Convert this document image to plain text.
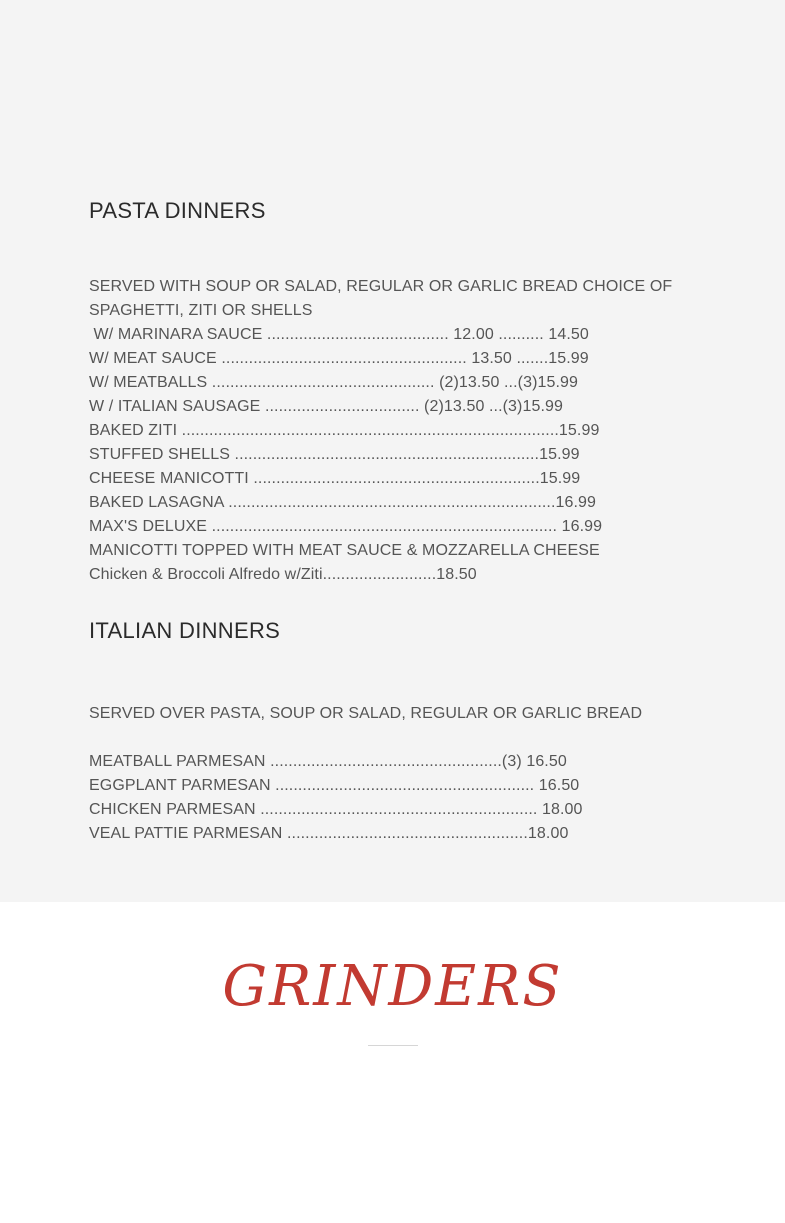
PASTA DINNERS
SERVED WITH SOUP OR SALAD, REGULAR OR GARLIC BREAD CHOICE OF
SPAGHETTI, ZITI OR SHELLS
W/ MARINARA SAUCE ........................................ 12.00 .......... 14.50
W/ MEAT SAUCE ...................................................... 13.50 .......15.99
W/ MEATBALLS ................................................. (2)13.50 ...(3)15.99
W / ITALIAN SAUSAGE .................................. (2)13.50 ...(3)15.99
BAKED ZITI ...................................................................................15.99
STUFFED SHELLS ...................................................................15.99
CHEESE MANICOTTI ...............................................................15.99
BAKED LASAGNA ........................................................................16.99
MAX'S DELUXE ............................................................................ 16.99
MANICOTTI TOPPED WITH MEAT SAUCE & MOZZARELLA CHEESE
Chicken & Broccoli Alfredo w/Ziti.........................18.50
ITALIAN DINNERS
SERVED OVER PASTA, SOUP OR SALAD, REGULAR OR GARLIC BREAD
MEATBALL PARMESAN ...................................................(3) 16.50
EGGPLANT PARMESAN ......................................................... 16.50
CHICKEN PARMESAN ............................................................. 18.00
VEAL PATTIE PARMESAN .....................................................18.00
GRINDERS
